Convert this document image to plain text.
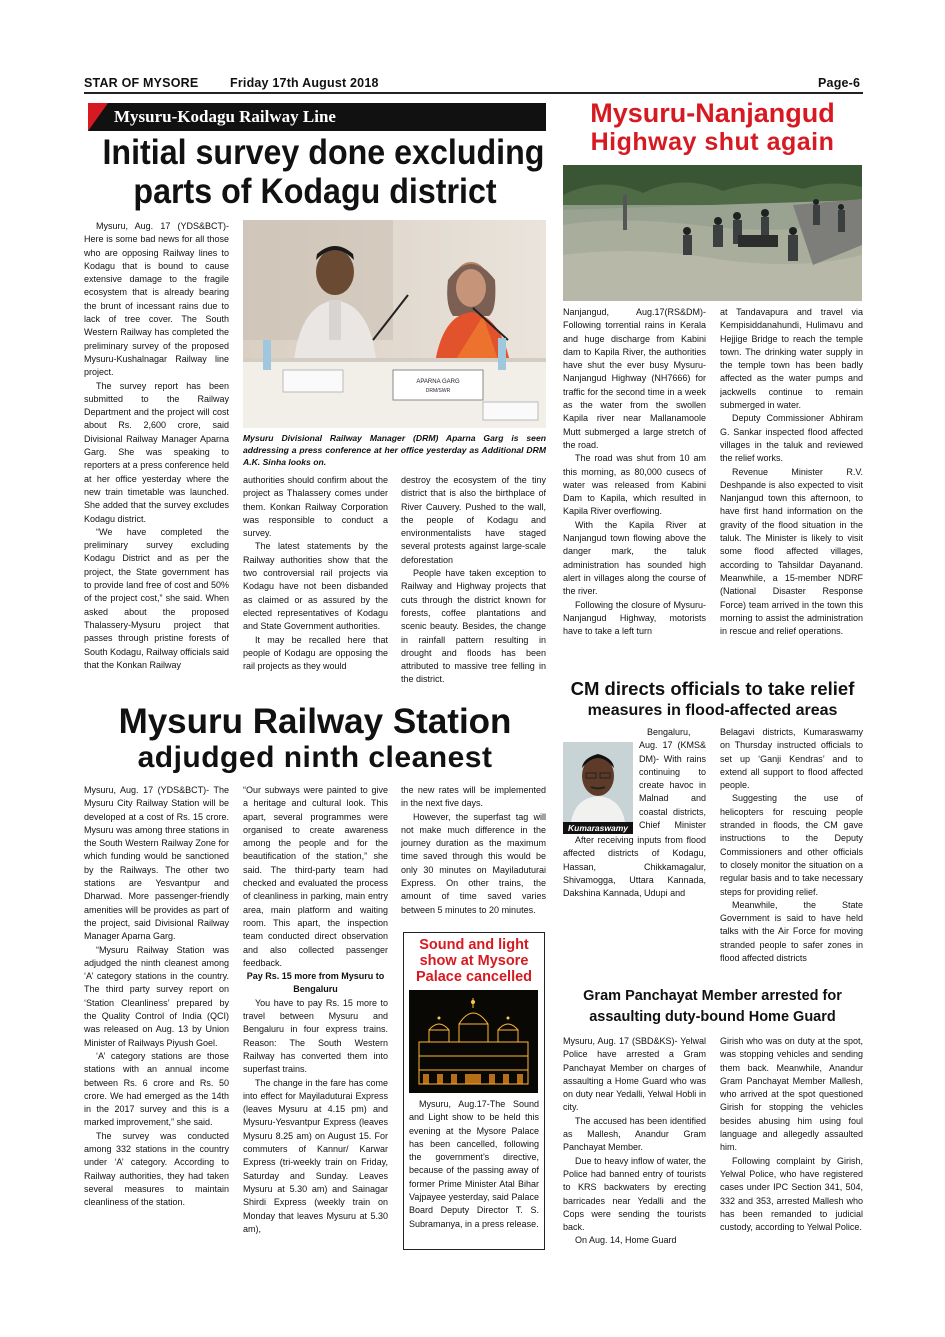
STAR OF MYSORE	Friday 17th August 2018	Page-6
Mysuru-Kodagu Railway Line
Initial survey done excluding
parts of Kodagu district

Mysuru, Aug. 17 (YDS&BCT)- Here is some bad news for all those who are opposing Railway lines to Kodagu that is bound to cause extensive damage to the fragile ecosystem that is already bearing the brunt of incessant rains due to lack of tree cover. The South Western Railway has completed the preliminary survey of the proposed Mysuru-Kushalnagar Railway line project.

The survey report has been submitted to the Railway Department and the project will cost about Rs. 2,600 crore, said Divisional Railway Manager Aparna Garg. She was speaking to reporters at a press conference held at her office yesterday where the new train timetable was launched. She added that the survey excludes Kodagu district.

“We have completed the preliminary survey excluding Kodagu District and as per the project, the State government has to provide land free of cost and 50% of the project cost,” she said. When asked about the proposed Thalassery-Mysuru project that passes through pristine forests of South Kodagu, Railway officials said that the Konkan Railway

APARNA GARG
DRM/SWR
Mysuru Divisional Railway Manager (DRM) Aparna Garg is seen addressing a press conference at her office yesterday as Additional DRM A.K. Sinha looks on.

authorities should confirm about the project as Thalassery comes under them. Konkan Railway Corporation was responsible to conduct a survey.

The latest statements by the Railway authorities show that the two controversial rail projects via Kodagu have not been disbanded as claimed or as assured by the elected representatives of Kodagu and State Government authorities.

It may be recalled here that people of Kodagu are opposing the rail projects as they would

destroy the ecosystem of the tiny district that is also the birthplace of River Cauvery. Pushed to the wall, the people of Kodagu and environmentalists have staged several protests against large-scale deforestation

People have taken exception to Railway and Highway projects that cuts through the district known for forests, coffee plantations and scenic beauty. Besides, the change in rainfall pattern resulting in drought and floods has been attributed to massive tree felling in the district.

Mysuru-Nanjangud
Highway shut again

Nanjangud, Aug.17(RS&DM)- Following torrential rains in Kerala and huge discharge from Kabini dam to Kapila River, the authorities have shut the ever busy Mysuru-Nanjangud Highway (NH7666) for traffic for the second time in a week as the water from the swollen Kapila river near Mallanamoole Mutt submerged a large stretch of the road.

The road was shut from 10 am this morning, as 80,000 cusecs of water was released from Kabini Dam to Kapila, which resulted in Kapila River overflowing.

With the Kapila River at Nanjangud town flowing above the danger mark, the taluk administration has sounded high alert in villages along the course of the river.

Following the closure of Mysuru-Nanjangud Highway, motorists have to take a left turn

at Tandavapura and travel via Kempisiddanahundi, Hulimavu and Hejjige Bridge to reach the temple town. The drinking water supply in the temple town has been badly affected as the water pumps and jackwells continue to remain submerged in water.

Deputy Commissioner Abhiram G. Sankar inspected flood affected villages in the taluk and reviewed the relief works.

Revenue Minister R.V. Deshpande is also expected to visit Nanjangud town this afternoon, to have first hand information on the gravity of the flood situation in the taluk. The Minister is likely to visit some flood affected villages, according to Tahsildar Dayanand. Meanwhile, a 15-member NDRF (National Disaster Response Force) team arrived in the town this morning to assist the administration in rescue and relief operations.

Mysuru Railway Station
adjudged ninth cleanest

Mysuru, Aug. 17 (YDS&BCT)- The Mysuru City Railway Station will be developed at a cost of Rs. 15 crore. Mysuru was among three stations in the South Western Railway Zone for which funding would be sanctioned by the Railways. The other two stations are Yesvantpur and Dharwad. More passenger-friendly amenities will be provides as part of the project, said Divisional Railway Manager Aparna Garg.

“Mysuru Railway Station was adjudged the ninth cleanest among ‘A’ category stations in the country. The third party survey report on ‘Station Cleanliness’ prepared by the Quality Control of India (QCI) was released on Aug. 13 by Union Minister of Railways Piyush Goel.

‘A’ category stations are those stations with an annual income between Rs. 6 crore and Rs. 50 crore. We had emerged as the 14th in the 2017 survey and this is a marked improvement,” she said.

The survey was conducted among 332 stations in the country under ‘A’ category. According to Railway authorities, they had taken several measures to maintain cleanliness of the station.

“Our subways were painted to give a heritage and cultural look. This apart, several programmes were organised to create awareness among the people and for the beautification of the station,” she said. The third-party team had checked and evaluated the process of cleanliness in parking, main entry area, main platform and waiting room. This apart, the inspection team conducted direct observation and also collected passenger feedback.

Pay Rs. 15 more from Mysuru to Bengaluru

You have to pay Rs. 15 more to travel between Mysuru and Bengaluru in four express trains. Reason: The South Western Railway has converted them into superfast trains.

The change in the fare has come into effect for Mayiladuturai Express (leaves Mysuru at 4.15 pm) and Mysuru-Yesvantpur Express (leaves Mysuru 8.25 am) on August 15. For commuters of Kannur/ Karwar Express (tri-weekly train on Friday, Saturday and Sunday. Leaves Mysuru at 5.30 am) and Sainagar Shirdi Express (weekly train on Monday that leaves Mysuru at 5.30 am),

the new rates will be implemented in the next five days.

However, the superfast tag will not make much difference in the journey duration as the maximum time saved through this would be only 30 minutes on Mayiladuturai Express. On other trains, the amount of time saved varies between 5 minutes to 20 minutes.

Sound and light
show at Mysore
Palace cancelled
Mysuru, Aug.17-The Sound and Light show to be held this evening at the Mysore Palace has been cancelled, following the government’s directive, because of the passing away of former Prime Minister Atal Bihar Vajpayee yesterday, said Palace Board Deputy Director T. S. Subramanya, in a press release.
CM directs officials to take relief
measures in flood-affected areas
Kumaraswamy

Bengaluru, Aug. 17 (KMS& DM)- With rains continuing to create havoc in Malnad and coastal districts, Chief Minister

After receiving inputs from flood affected districts of Kodagu, Hassan, Chikkamagalur, Shivamogga, Uttara Kannada, Dakshina Kannada, Udupi and

Belagavi districts, Kumaraswamy on Thursday instructed officials to set up ‘Ganji Kendras’ and to extend all support to flood affected people.

Suggesting the use of helicopters for rescuing people stranded in floods, the CM gave instructions to the Deputy Commissioners and other officials to closely monitor the situation on a regular basis and to take necessary steps for providing relief.

Meanwhile, the State Government is said to have held talks with the Air Force for moving stranded people to safer zones in flood affected districts

Gram Panchayat Member arrested for
assaulting duty-bound Home Guard

Mysuru, Aug. 17 (SBD&KS)- Yelwal Police have arrested a Gram Panchayat Member on charges of assaulting a Home Guard who was on duty near Yedalli, Yelwal Hobli in city.

The accused has been identified as Mallesh, Anandur Gram Panchayat Member.

Due to heavy inflow of water, the Police had banned entry of tourists to KRS backwaters by erecting barricades near Yedalli and the Cops were sending the tourists back.

On Aug. 14, Home Guard

Girish who was on duty at the spot, was stopping vehicles and sending them back. Meanwhile, Anandur Gram Panchayat Member Mallesh, who arrived at the spot questioned Girish for stopping the vehicles besides abusing him using foul language and allegedly assaulted him.

Following complaint by Girish, Yelwal Police, who have registered cases under IPC Section 341, 504, 332 and 353, arrested Mallesh who has been remanded to judicial custody, according to Yelwal Police.
